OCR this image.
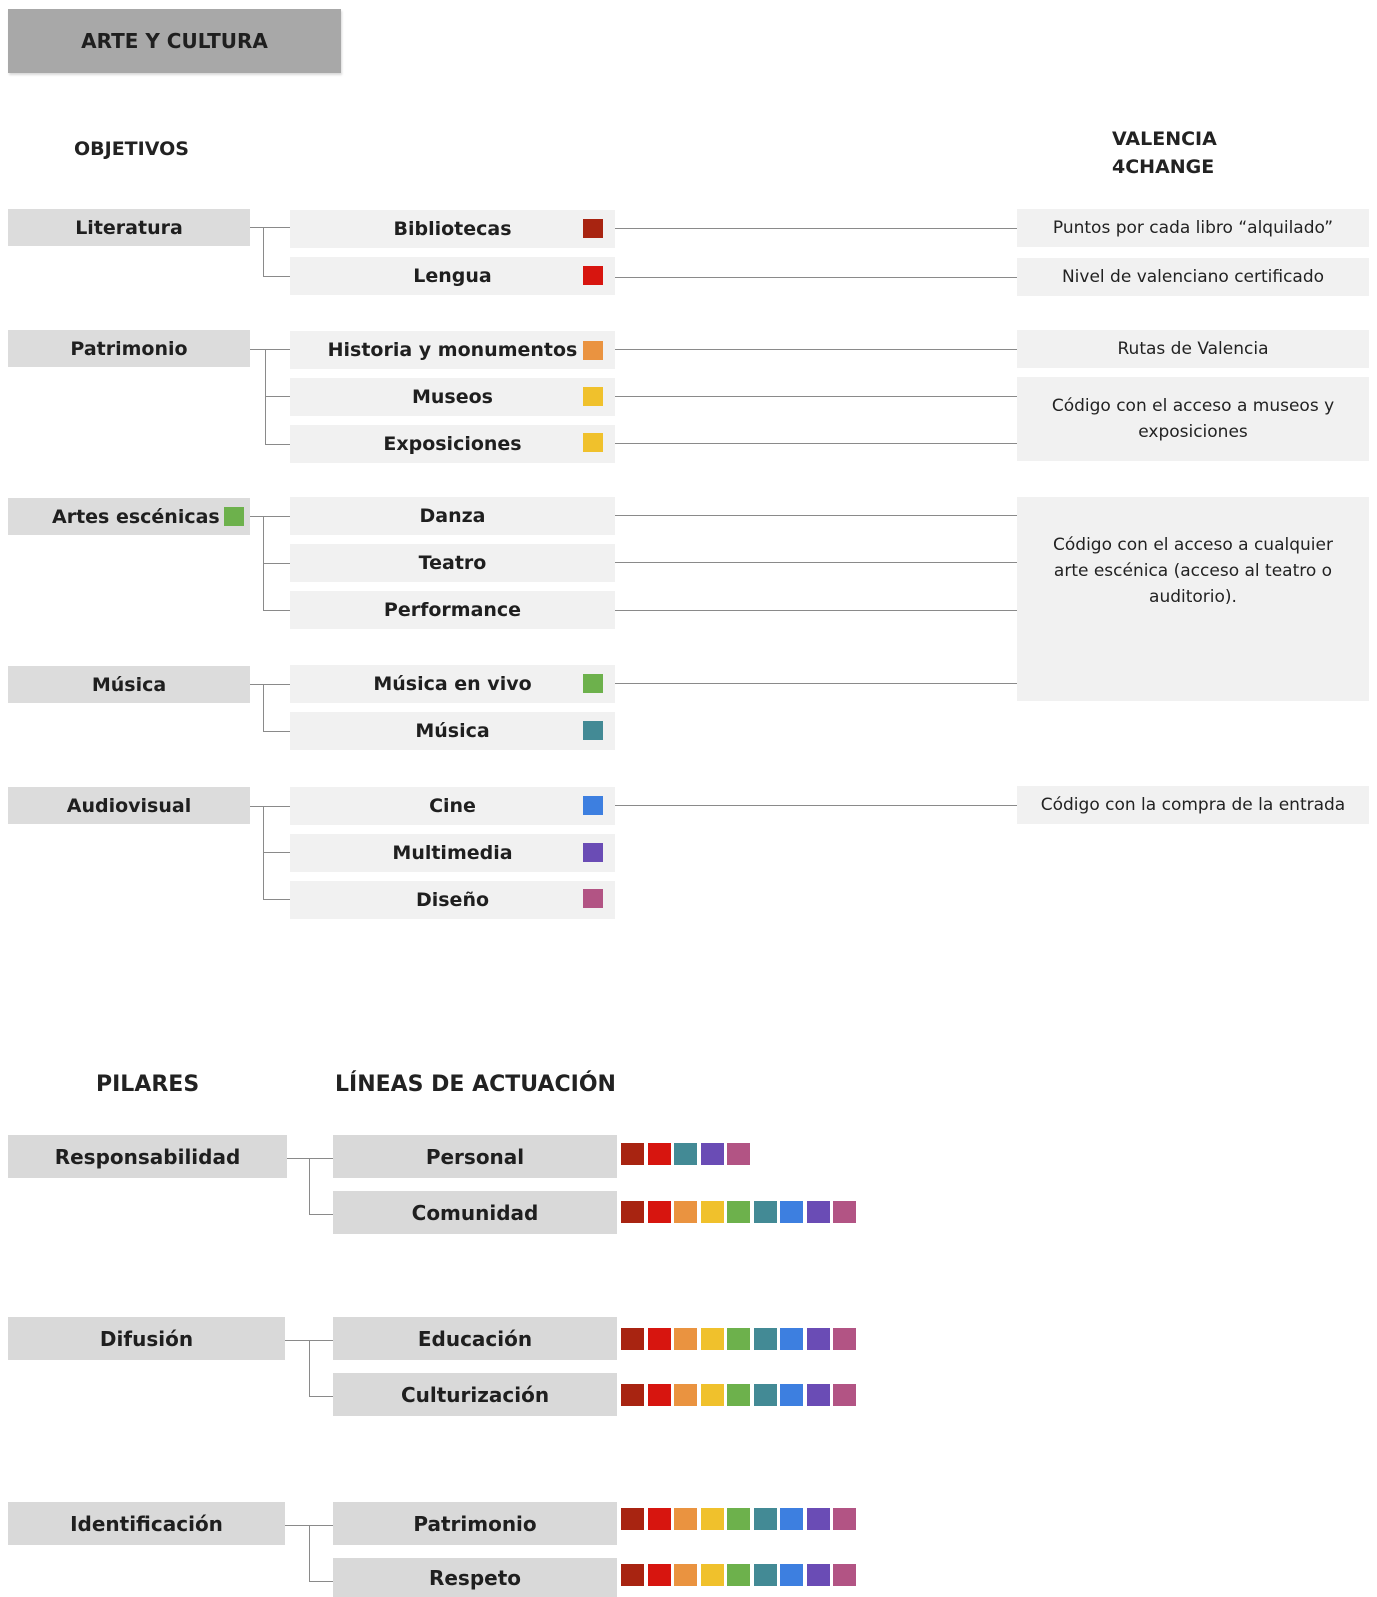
ARTE Y CULTURA
OBJETIVOS	VALENCIA
4CHANGE
Literatura
Patrimonio
Artes escénicas
Música
Audiovisual
Bibliotecas
Lengua
Historia y monumentos
Museos
Exposiciones
Danza
Teatro
Performance
Música en vivo
Música
Cine
Multimedia
Diseño
Puntos por cada libro “alquilado”
Nivel de valenciano certificado
Rutas de Valencia
Código con el acceso a museos y exposiciones
Código con el acceso a cualquier arte escénica (acceso al teatro o auditorio).
Código con la compra de la entrada
PILARES	LÍNEAS DE ACTUACIÓN
Responsabilidad
Difusión
Identificación
Personal
Comunidad
Educación
Culturización
Patrimonio
Respeto
